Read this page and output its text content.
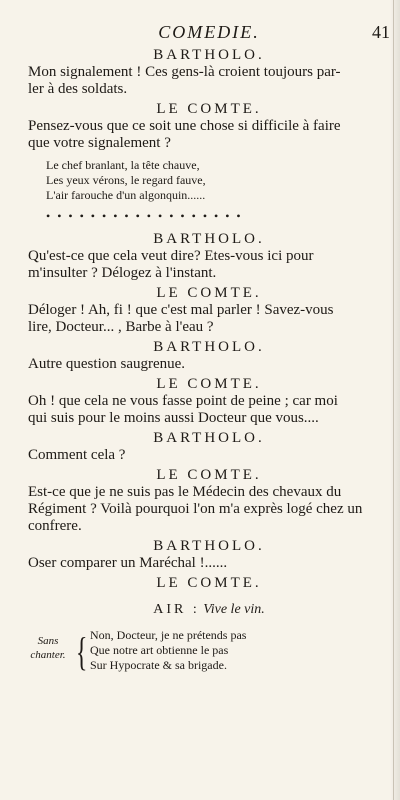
COMEDIE.	41
BARTHOLO.
Mon signalement ! Ces gens-là croient toujours par-
ler à des soldats.
LE COMTE.
Pensez-vous que ce soit une chose si difficile à faire
que votre signalement ?
Le chef branlant, la tête chauve,
Les yeux vérons, le regard fauve,
L'air farouche d'un algonquin......
• • • • • • • • • • • • • • • • • •
BARTHOLO.
Qu'est-ce que cela veut dire? Etes-vous ici pour
m'insulter ? Délogez à l'instant.
LE COMTE.
Déloger ! Ah, fi ! que c'est mal parler ! Savez-vous
lire, Docteur... , Barbe à l'eau ?
BARTHOLO.
Autre question saugrenue.
LE COMTE.
Oh ! que cela ne vous fasse point de peine ; car moi
qui suis pour le moins aussi Docteur que vous....
BARTHOLO.
Comment cela ?
LE COMTE.
Est-ce que je ne suis pas le Médecin des chevaux du
Régiment ? Voilà pourquoi l'on m'a exprès logé chez un
confrere.
BARTHOLO.
Oser comparer un Maréchal !......
LE COMTE.
AIR : Vive le vin.
Sans
chanter. { Non, Docteur, je ne prétends pas
Que notre art obtienne le pas
Sur Hypocrate & sa brigade.
